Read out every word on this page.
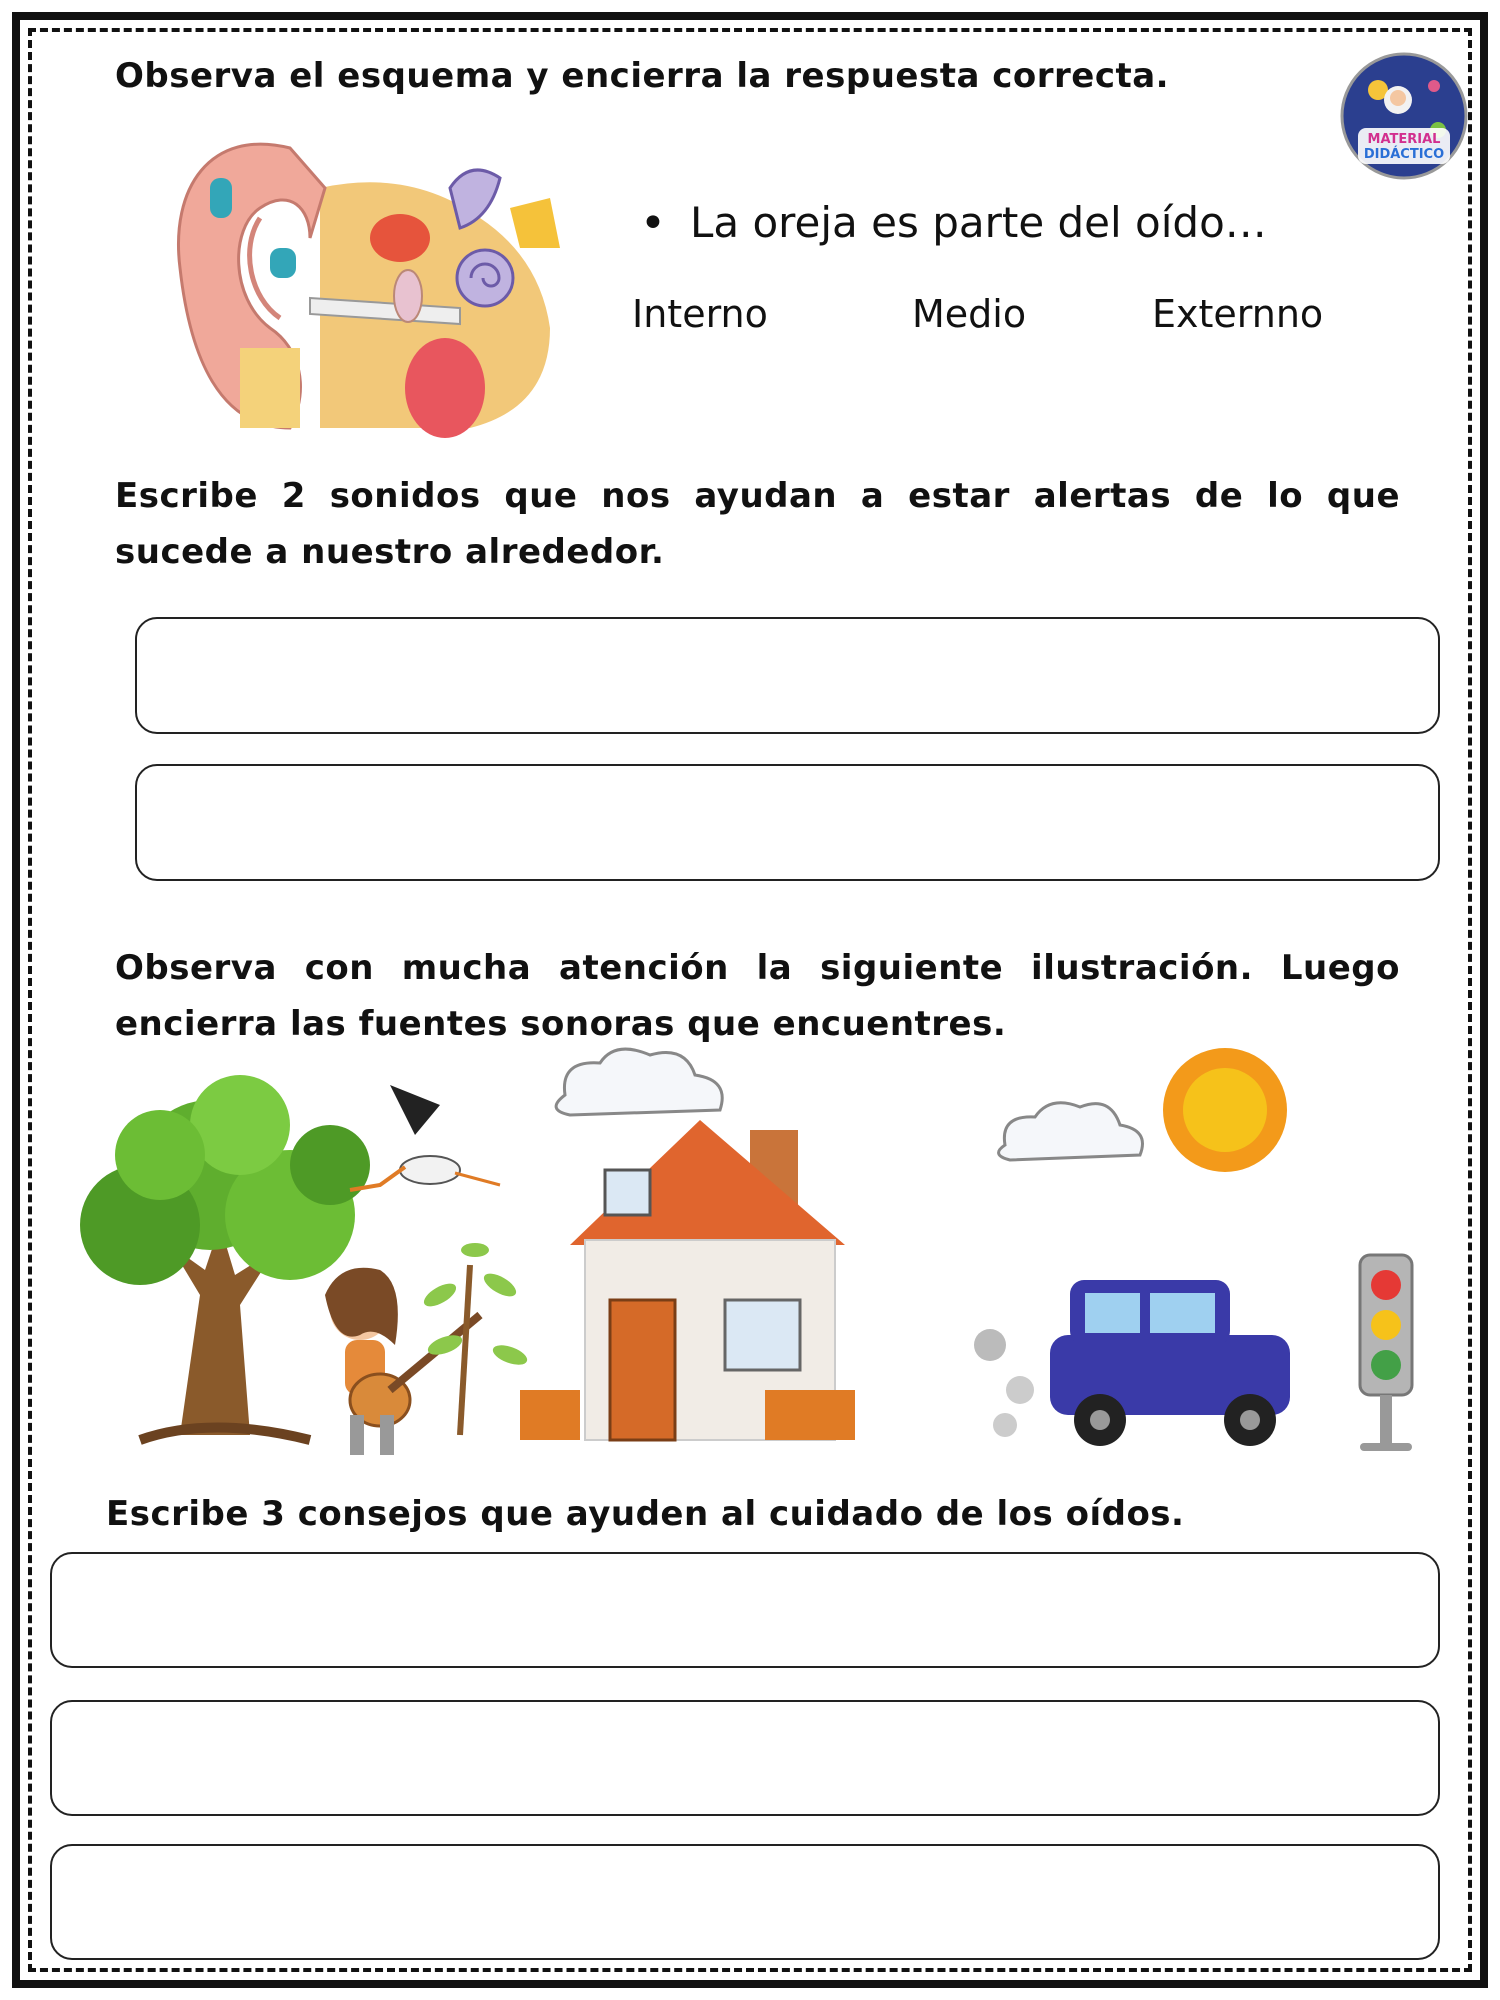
MATERIAL
DIDÁCTICO
Observa el esquema y encierra la respuesta correcta.
• La oreja es parte del oído…
Interno	Medio	Externno
Escribe 2 sonidos que nos ayudan a estar alertas de lo que sucede a nuestro alrededor.
Observa con mucha atención la siguiente ilustración. Luego encierra las fuentes sonoras que encuentres.
Escribe 3 consejos que ayuden al cuidado de los oídos.
